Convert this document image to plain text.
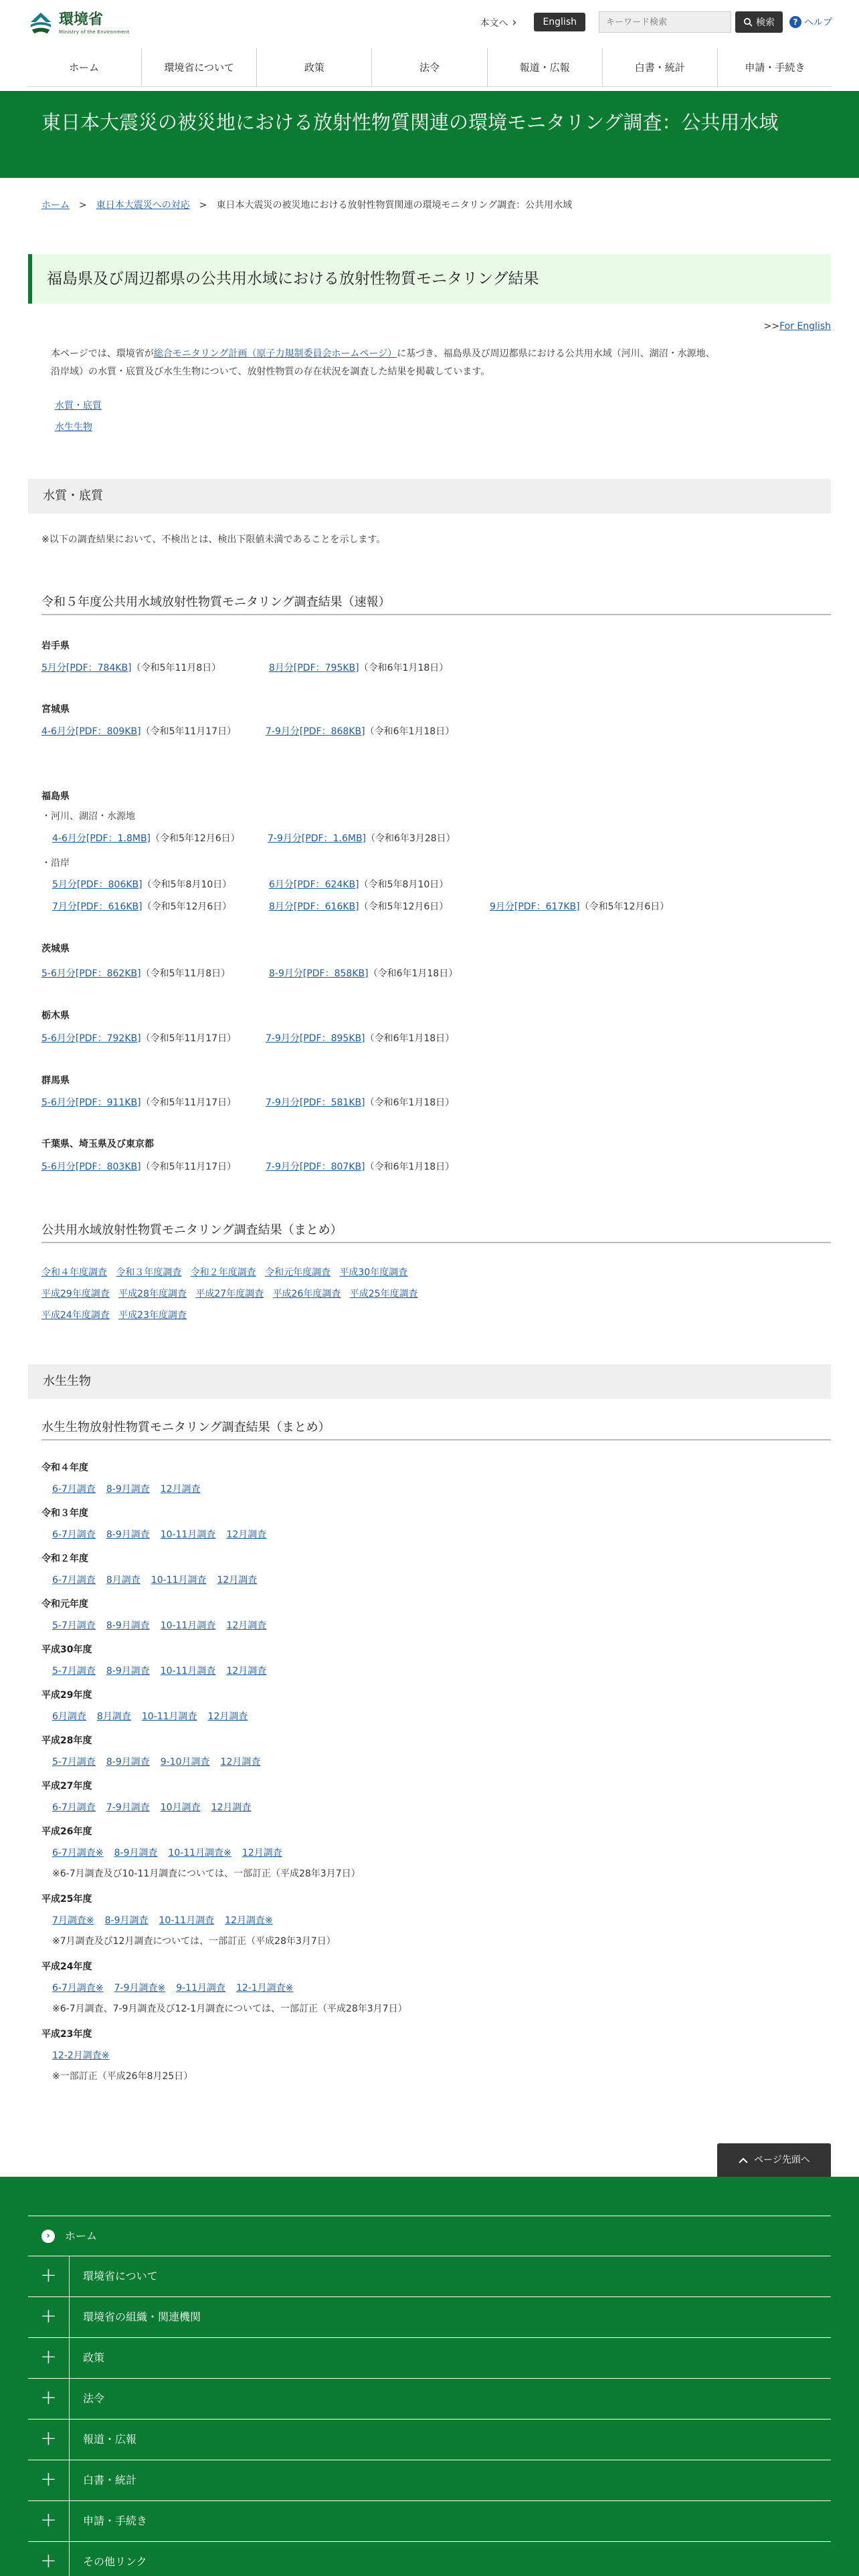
環境省
Ministry of the Environment
本文へ ›	English
キーワード検索	検索	? ヘルプ
ホーム	環境省について	政策	法令	報道・広報	白書・統計	申請・手続き
東日本大震災の被災地における放射性物質関連の環境モニタリング調査：公共用水域
ホーム > 東日本大震災への対応 > 東日本大震災の被災地における放射性物質関連の環境モニタリング調査：公共用水域
福島県及び周辺都県の公共用水域における放射性物質モニタリング結果
>>For English
本ページでは、環境省が総合モニタリング計画（原子力規制委員会ホームページ）に基づき、福島県及び周辺都県における公共用水域（河川、湖沼・水源地、
沿岸域）の水質・底質及び水生生物について、放射性物質の存在状況を調査した結果を掲載しています。
水質・底質
水生生物
水質・底質
※以下の調査結果において、不検出とは、検出下限値未満であることを示します。
令和５年度公共用水域放射性物質モニタリング調査結果（速報）
岩手県
5月分[PDF：784KB]（令和5年11月8日）	8月分[PDF：795KB]（令和6年1月18日）
宮城県
4-6月分[PDF：809KB]（令和5年11月17日）	7-9月分[PDF：868KB]（令和6年1月18日）
福島県
・河川、湖沼・水源地
4-6月分[PDF：1.8MB]（令和5年12月6日）	7-9月分[PDF：1.6MB]（令和6年3月28日）
・沿岸
5月分[PDF：806KB]（令和5年8月10日）	6月分[PDF：624KB]（令和5年8月10日）
7月分[PDF：616KB]（令和5年12月6日）	8月分[PDF：616KB]（令和5年12月6日）	9月分[PDF：617KB]（令和5年12月6日）
茨城県
5-6月分[PDF：862KB]（令和5年11月8日）	8-9月分[PDF：858KB]（令和6年1月18日）
栃木県
5-6月分[PDF：792KB]（令和5年11月17日）	7-9月分[PDF：895KB]（令和6年1月18日）
群馬県
5-6月分[PDF：911KB]（令和5年11月17日）	7-9月分[PDF：581KB]（令和6年1月18日）
千葉県、埼玉県及び東京都
5-6月分[PDF：803KB]（令和5年11月17日）	7-9月分[PDF：807KB]（令和6年1月18日）
公共用水域放射性物質モニタリング調査結果（まとめ）
令和４年度調査 令和３年度調査 令和２年度調査 令和元年度調査 平成30年度調査
平成29年度調査 平成28年度調査 平成27年度調査 平成26年度調査 平成25年度調査
平成24年度調査 平成23年度調査
水生生物
水生生物放射性物質モニタリング調査結果（まとめ）
令和４年度
6-7月調査 8-9月調査 12月調査
令和３年度
6-7月調査 8-9月調査 10-11月調査 12月調査
令和２年度
6-7月調査 8月調査 10-11月調査 12月調査
令和元年度
5-7月調査 8-9月調査 10-11月調査 12月調査
平成30年度
5-7月調査 8-9月調査 10-11月調査 12月調査
平成29年度
6月調査 8月調査 10-11月調査 12月調査
平成28年度
5-7月調査 8-9月調査 9-10月調査 12月調査
平成27年度
6-7月調査 7-9月調査 10月調査 12月調査
平成26年度
6-7月調査※ 8-9月調査 10-11月調査※ 12月調査
※6-7月調査及び10-11月調査については、一部訂正（平成28年3月7日）
平成25年度
7月調査※ 8-9月調査 10-11月調査 12月調査※
※7月調査及び12月調査については、一部訂正（平成28年3月7日）
平成24年度
6-7月調査※ 7-9月調査※ 9-11月調査 12-1月調査※
※6-7月調査、7-9月調査及び12-1月調査については、一部訂正（平成28年3月7日）
平成23年度
12-2月調査※
※一部訂正（平成26年8月25日）
ページ先頭へ
›	ホーム
+	環境省について
+	環境省の組織・関連機関
+	政策
+	法令
+	報道・広報
+	白書・統計
+	申請・手続き
+	その他リンク
